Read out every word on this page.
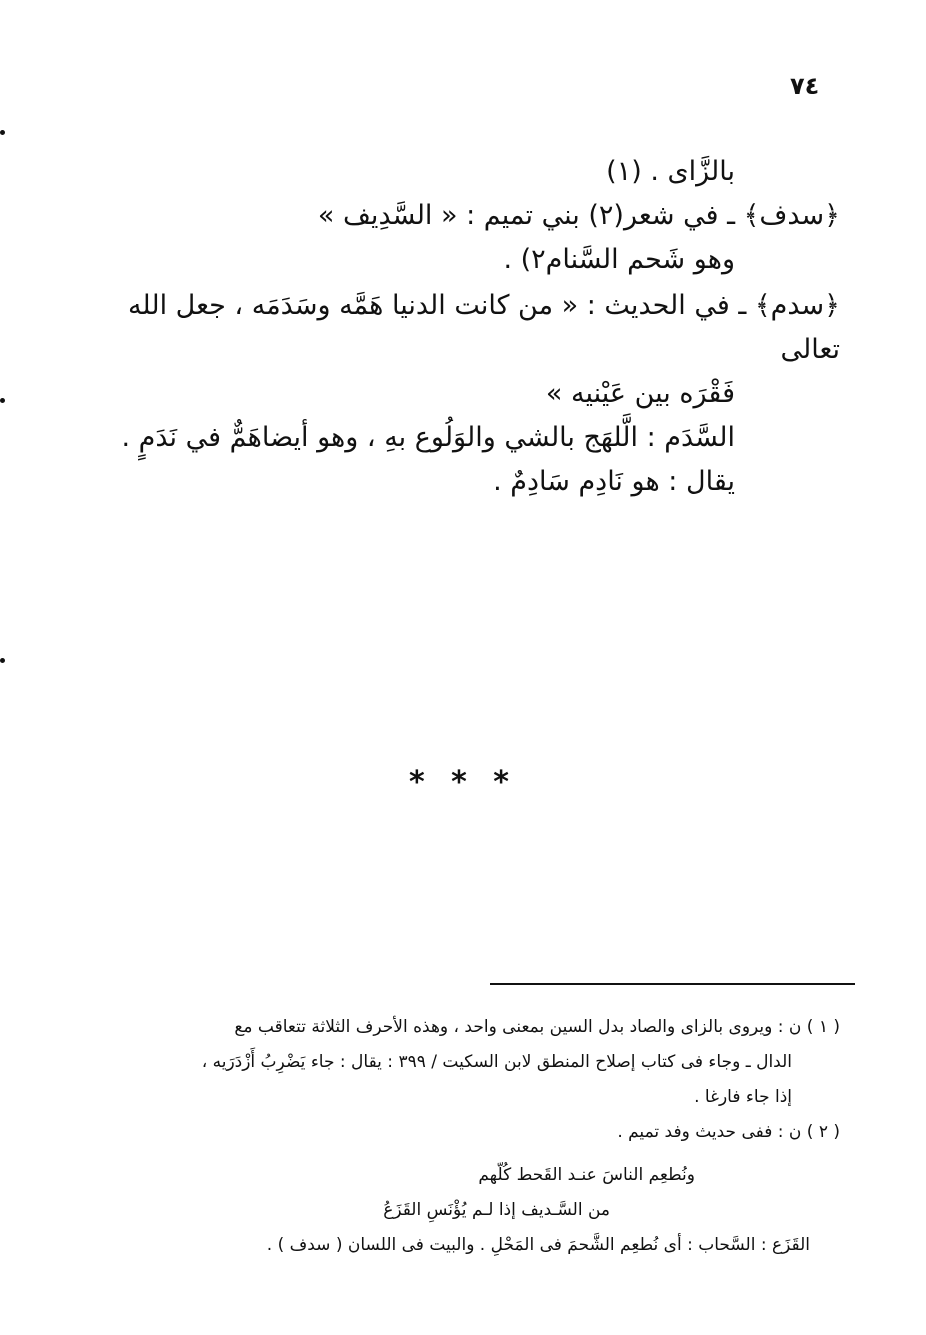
٧٤

بالزَّاى . (١)

﴿سدف﴾ ـ في شعر(٢) بني تميم : « السَّدِيف »

وهو شَحم السَّنام٢) .

﴿سدم﴾ ـ في الحديث : « من كانت الدنيا هَمَّه وسَدَمَه ، جعل الله تعالى

فَقْرَه بين عَيْنيه »

السَّدَم : الَّلهَج بالشي والوَلُوع بهِ ، وهو أيضاهَمٌّ في نَدَمٍ .

يقال : هو نَادِم سَادِمٌ .

* * *

( ١ ) ن : ويروى بالزاى والصاد بدل السين بمعنى واحد ، وهذه الأحرف الثلاثة تتعاقب مع

الدال ـ وجاء فى كتاب إصلاح المنطق لابن السكيت / ٣٩٩ : يقال : جاء يَضْرِبُ أَزْدَرَيه ،

إذا جاء فارغا .

( ٢ ) ن : ففى حديث وفد تميم .

ونُطعِم الناسَ عنـد القَحط كُلّهم

من السَّـديف إذا لـم يُؤْنَسِ القَزَعُ

القَزَع : السَّحاب : أى نُطعِم الشَّحمَ فى المَحْلِ . والبيت فى اللسان ( سدف ) .
